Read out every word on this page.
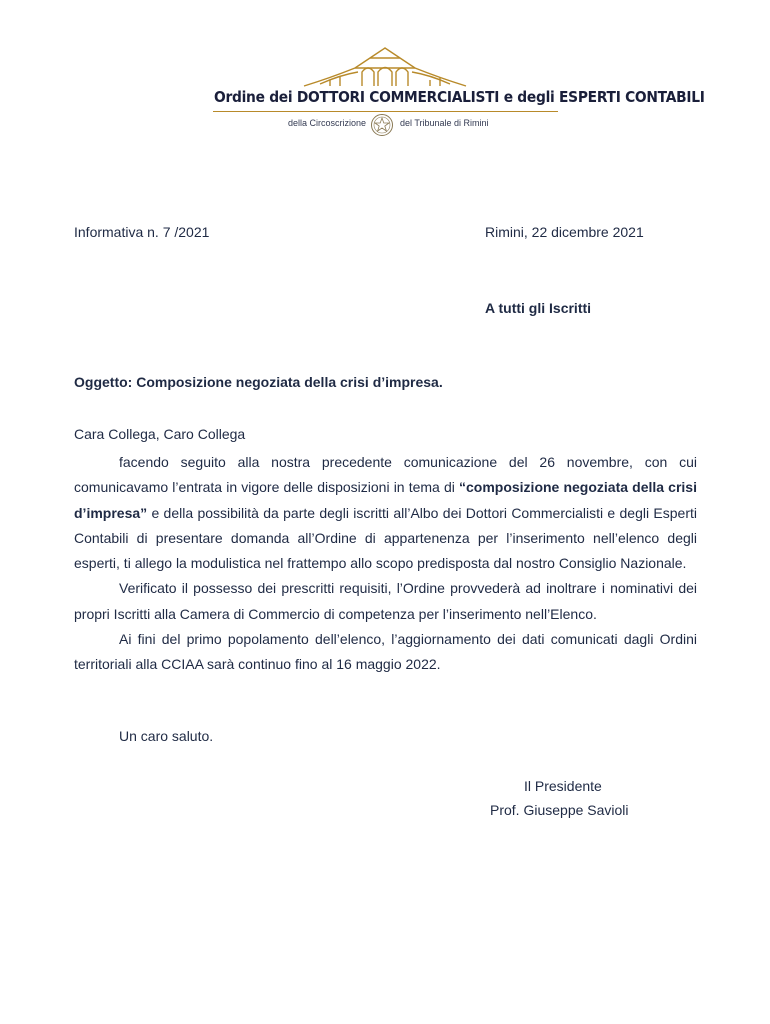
Ordine dei DOTTORI COMMERCIALISTI e degli ESPERTI CONTABILI
della Circoscrizione	del Tribunale di Rimini
Informativa n. 7 /2021	Rimini, 22 dicembre 2021
A tutti gli Iscritti
Oggetto: Composizione negoziata della crisi d’impresa.
Cara Collega, Caro Collega

facendo seguito alla nostra precedente comunicazione del 26 novembre, con cui comunicavamo l’entrata in vigore delle disposizioni in tema di “composizione negoziata della crisi d’impresa” e della possibilità da parte degli iscritti all’Albo dei Dottori Commercialisti e degli Esperti Contabili di presentare domanda all’Ordine di appartenenza per l’inserimento nell’elenco degli esperti, ti allego la modulistica nel frattempo allo scopo predisposta dal nostro Consiglio Nazionale.

Verificato il possesso dei prescritti requisiti, l’Ordine provvederà ad inoltrare i nominativi dei propri Iscritti alla Camera di Commercio di competenza per l’inserimento nell’Elenco.

Ai fini del primo popolamento dell’elenco, l’aggiornamento dei dati comunicati dagli Ordini territoriali alla CCIAA sarà continuo fino al 16 maggio 2022.

Un caro saluto.
Il Presidente
Prof. Giuseppe Savioli
